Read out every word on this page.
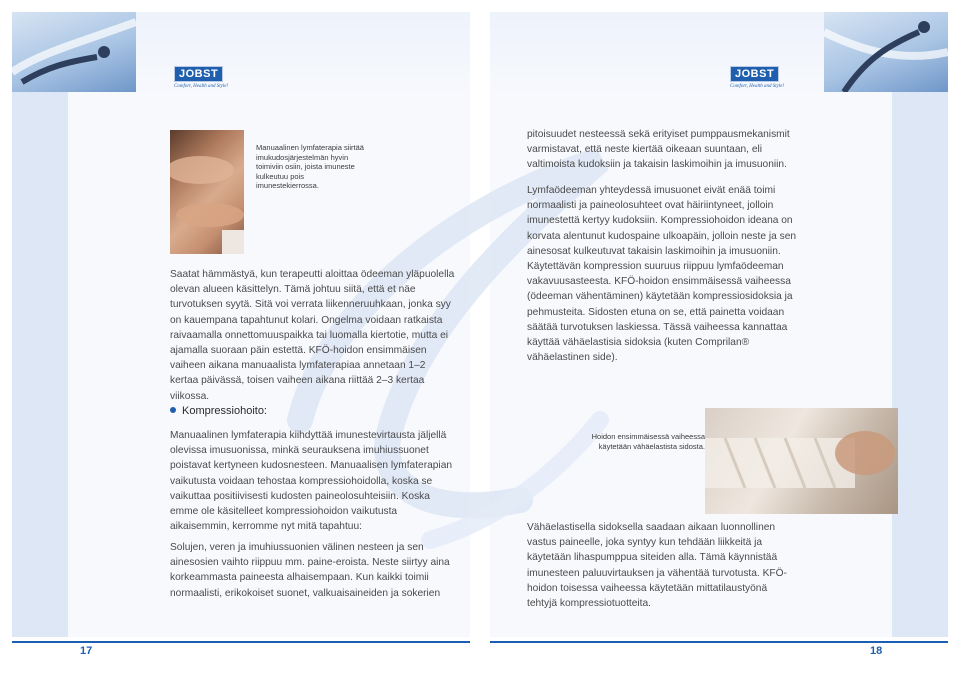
JOBST
Comfort, Health and Style!
JOBST
Comfort, Health and Style!
Manuaalinen lymfaterapia siirtää imukudosjärjestelmän hyvin toimiviin osiin, joista imuneste kulkeutuu pois imunestekierrossa.

Saatat hämmästyä, kun terapeutti aloittaa ödeeman yläpuolella olevan alueen käsittelyn. Tämä johtuu siitä, että et näe turvotuksen syytä. Sitä voi verrata liikenneruuhkaan, jonka syy on kauempana tapahtunut kolari. Ongelma voidaan ratkaista raivaamalla onnettomuuspaikka tai luomalla kiertotie, mutta ei ajamalla suoraan päin estettä. KFÖ-hoidon ensimmäisen vaiheen aikana manuaalista lymfaterapiaa annetaan 1–2 kertaa päivässä, toisen vaiheen aikana riittää 2–3 kertaa viikossa.

Kompressiohoito:

Manuaalinen lymfaterapia kiihdyttää imunestevirtausta jäljellä olevissa imusuonissa, minkä seurauksena imuhiussuonet poistavat kertyneen kudosnesteen. Manuaalisen lymfaterapian vaikutusta voidaan tehostaa kompressiohoidolla, koska se vaikuttaa positiivisesti kudosten paineolosuhteisiin. Koska emme ole käsitelleet kompressiohoidon vaikutusta aikaisemmin, kerromme nyt mitä tapahtuu:

Solujen, veren ja imuhiussuonien välinen nesteen ja sen ainesosien vaihto riippuu mm. paine-eroista. Neste siirtyy aina korkeammasta paineesta alhaisempaan. Kun kaikki toimii normaalisti, erikokoiset suonet, valkuaisaineiden ja sokerien

pitoisuudet nesteessä sekä erityiset pumppausmekanismit varmistavat, että neste kiertää oikeaan suuntaan, eli valtimoista kudoksiin ja takaisin laskimoihin ja imusuoniin.

Lymfaödeeman yhteydessä imusuonet eivät enää toimi normaalisti ja paineolosuhteet ovat häiriintyneet, jolloin imunestettä kertyy kudoksiin. Kompressiohoidon ideana on korvata alentunut kudospaine ulkoapäin, jolloin neste ja sen ainesosat kulkeutuvat takaisin laskimoihin ja imusuoniin. Käytettävän kompression suuruus riippuu lymfaödeeman vakavuusasteesta. KFÖ-hoidon ensimmäisessä vaiheessa (ödeeman vähentäminen) käytetään kompressiosidoksia ja pehmusteita. Sidosten etuna on se, että painetta voidaan säätää turvotuksen laskiessa. Tässä vaiheessa kannattaa käyttää vähäelastisia sidoksia (kuten Comprilan® vähäelastinen side).

Hoidon ensimmäisessä vaiheessa käytetään vähäelastista sidosta.

Vähäelastisella sidoksella saadaan aikaan luonnollinen vastus paineelle, joka syntyy kun tehdään liikkeitä ja käytetään lihaspumppua siteiden alla. Tämä käynnistää imunesteen paluuvirtauksen ja vähentää turvotusta. KFÖ-hoidon toisessa vaiheessa käytetään mittatilaustyönä tehtyjä kompressiotuotteita.

17	18
